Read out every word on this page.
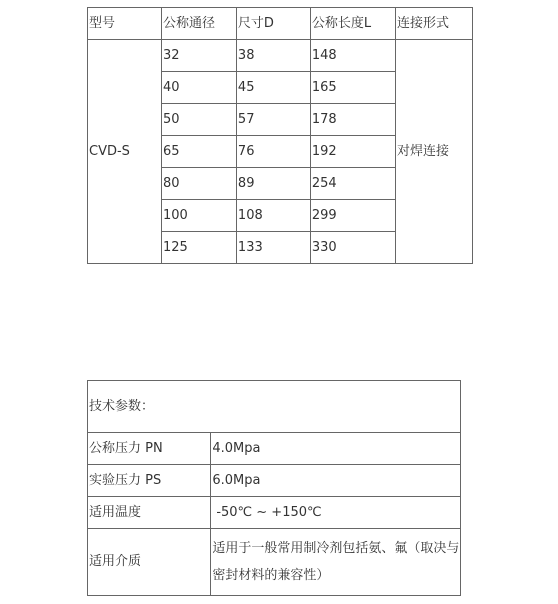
型号	公称通径	尺寸D	公称长度L	连接形式
CVD-S	32	38	148	对焊连接
	40	45	165	
	50	57	178	
	65	76	192	
	80	89	254	
	100	108	299	
	125	133	330	
技术参数：	
公称压力 PN	4.0Mpa
实验压力 PS	6.0Mpa
适用温度	-50℃ ~ +150℃
适用介质	适用于一般常用制冷剂包括氨、氟（取决与密封材料的兼容性）
